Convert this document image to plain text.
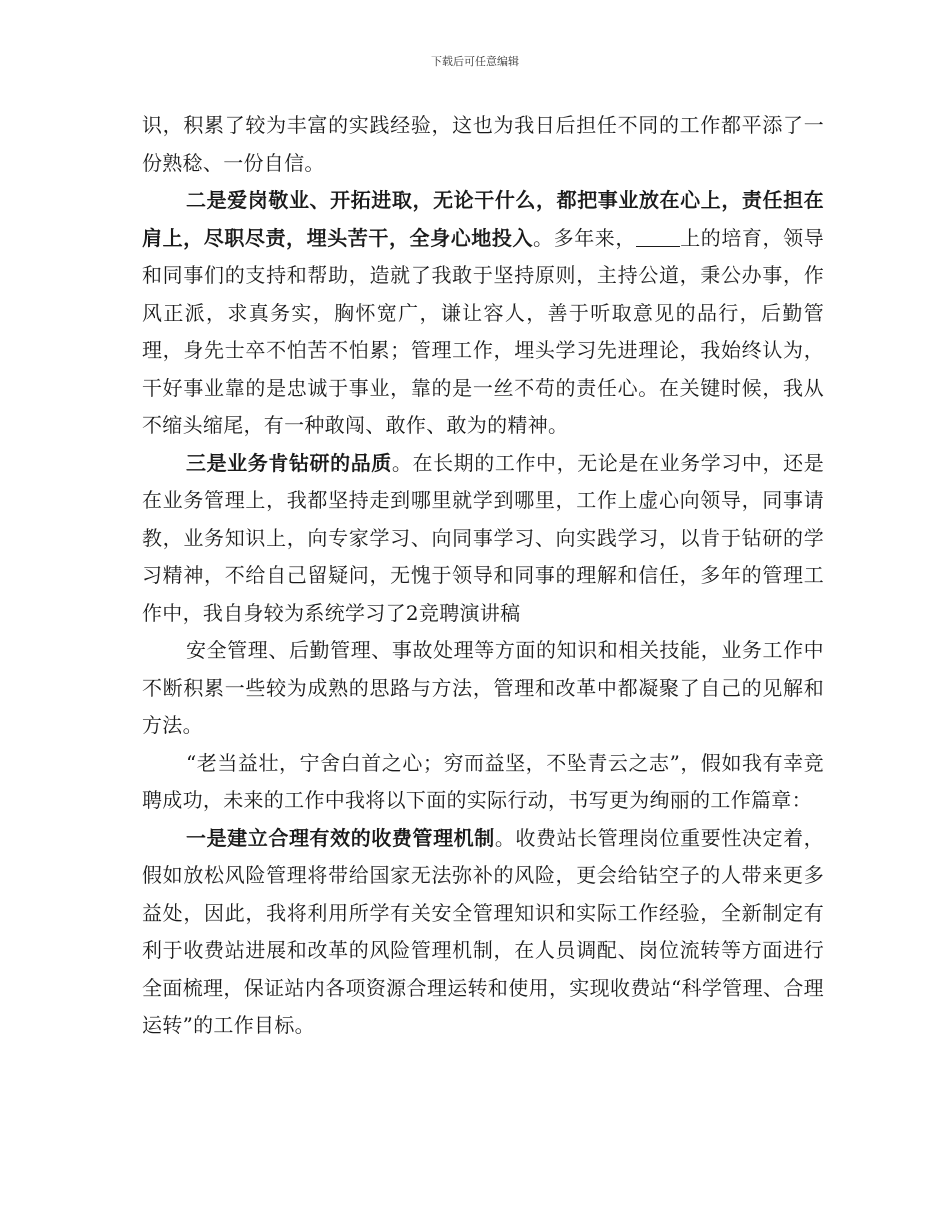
下载后可任意编辑

识，积累了较为丰富的实践经验，这也为我日后担任不同的工作都平添了一份熟稔、一份自信。

二是爱岗敬业、开拓进取，无论干什么，都把事业放在心上，责任担在肩上，尽职尽责，埋头苦干，全身心地投入。多年来， 上的培育，领导和同事们的支持和帮助，造就了我敢于坚持原则，主持公道，秉公办事，作风正派，求真务实，胸怀宽广，谦让容人，善于听取意见的品行，后勤管理，身先士卒不怕苦不怕累；管理工作，埋头学习先进理论，我始终认为，干好事业靠的是忠诚于事业，靠的是一丝不苟的责任心。在关键时候，我从不缩头缩尾，有一种敢闯、敢作、敢为的精神。

三是业务肯钻研的品质。在长期的工作中，无论是在业务学习中，还是在业务管理上，我都坚持走到哪里就学到哪里，工作上虚心向领导，同事请教，业务知识上，向专家学习、向同事学习、向实践学习，以肯于钻研的学习精神，不给自己留疑问，无愧于领导和同事的理解和信任，多年的管理工作中，我自身较为系统学习了2竞聘演讲稿

安全管理、后勤管理、事故处理等方面的知识和相关技能，业务工作中不断积累一些较为成熟的思路与方法，管理和改革中都凝聚了自己的见解和方法。

“老当益壮，宁舍白首之心；穷而益坚，不坠青云之志”，假如我有幸竞聘成功，未来的工作中我将以下面的实际行动，书写更为绚丽的工作篇章：

一是建立合理有效的收费管理机制。收费站长管理岗位重要性决定着，假如放松风险管理将带给国家无法弥补的风险，更会给钻空子的人带来更多益处，因此，我将利用所学有关安全管理知识和实际工作经验，全新制定有利于收费站进展和改革的风险管理机制，在人员调配、岗位流转等方面进行全面梳理，保证站内各项资源合理运转和使用，实现收费站“科学管理、合理运转”的工作目标。
